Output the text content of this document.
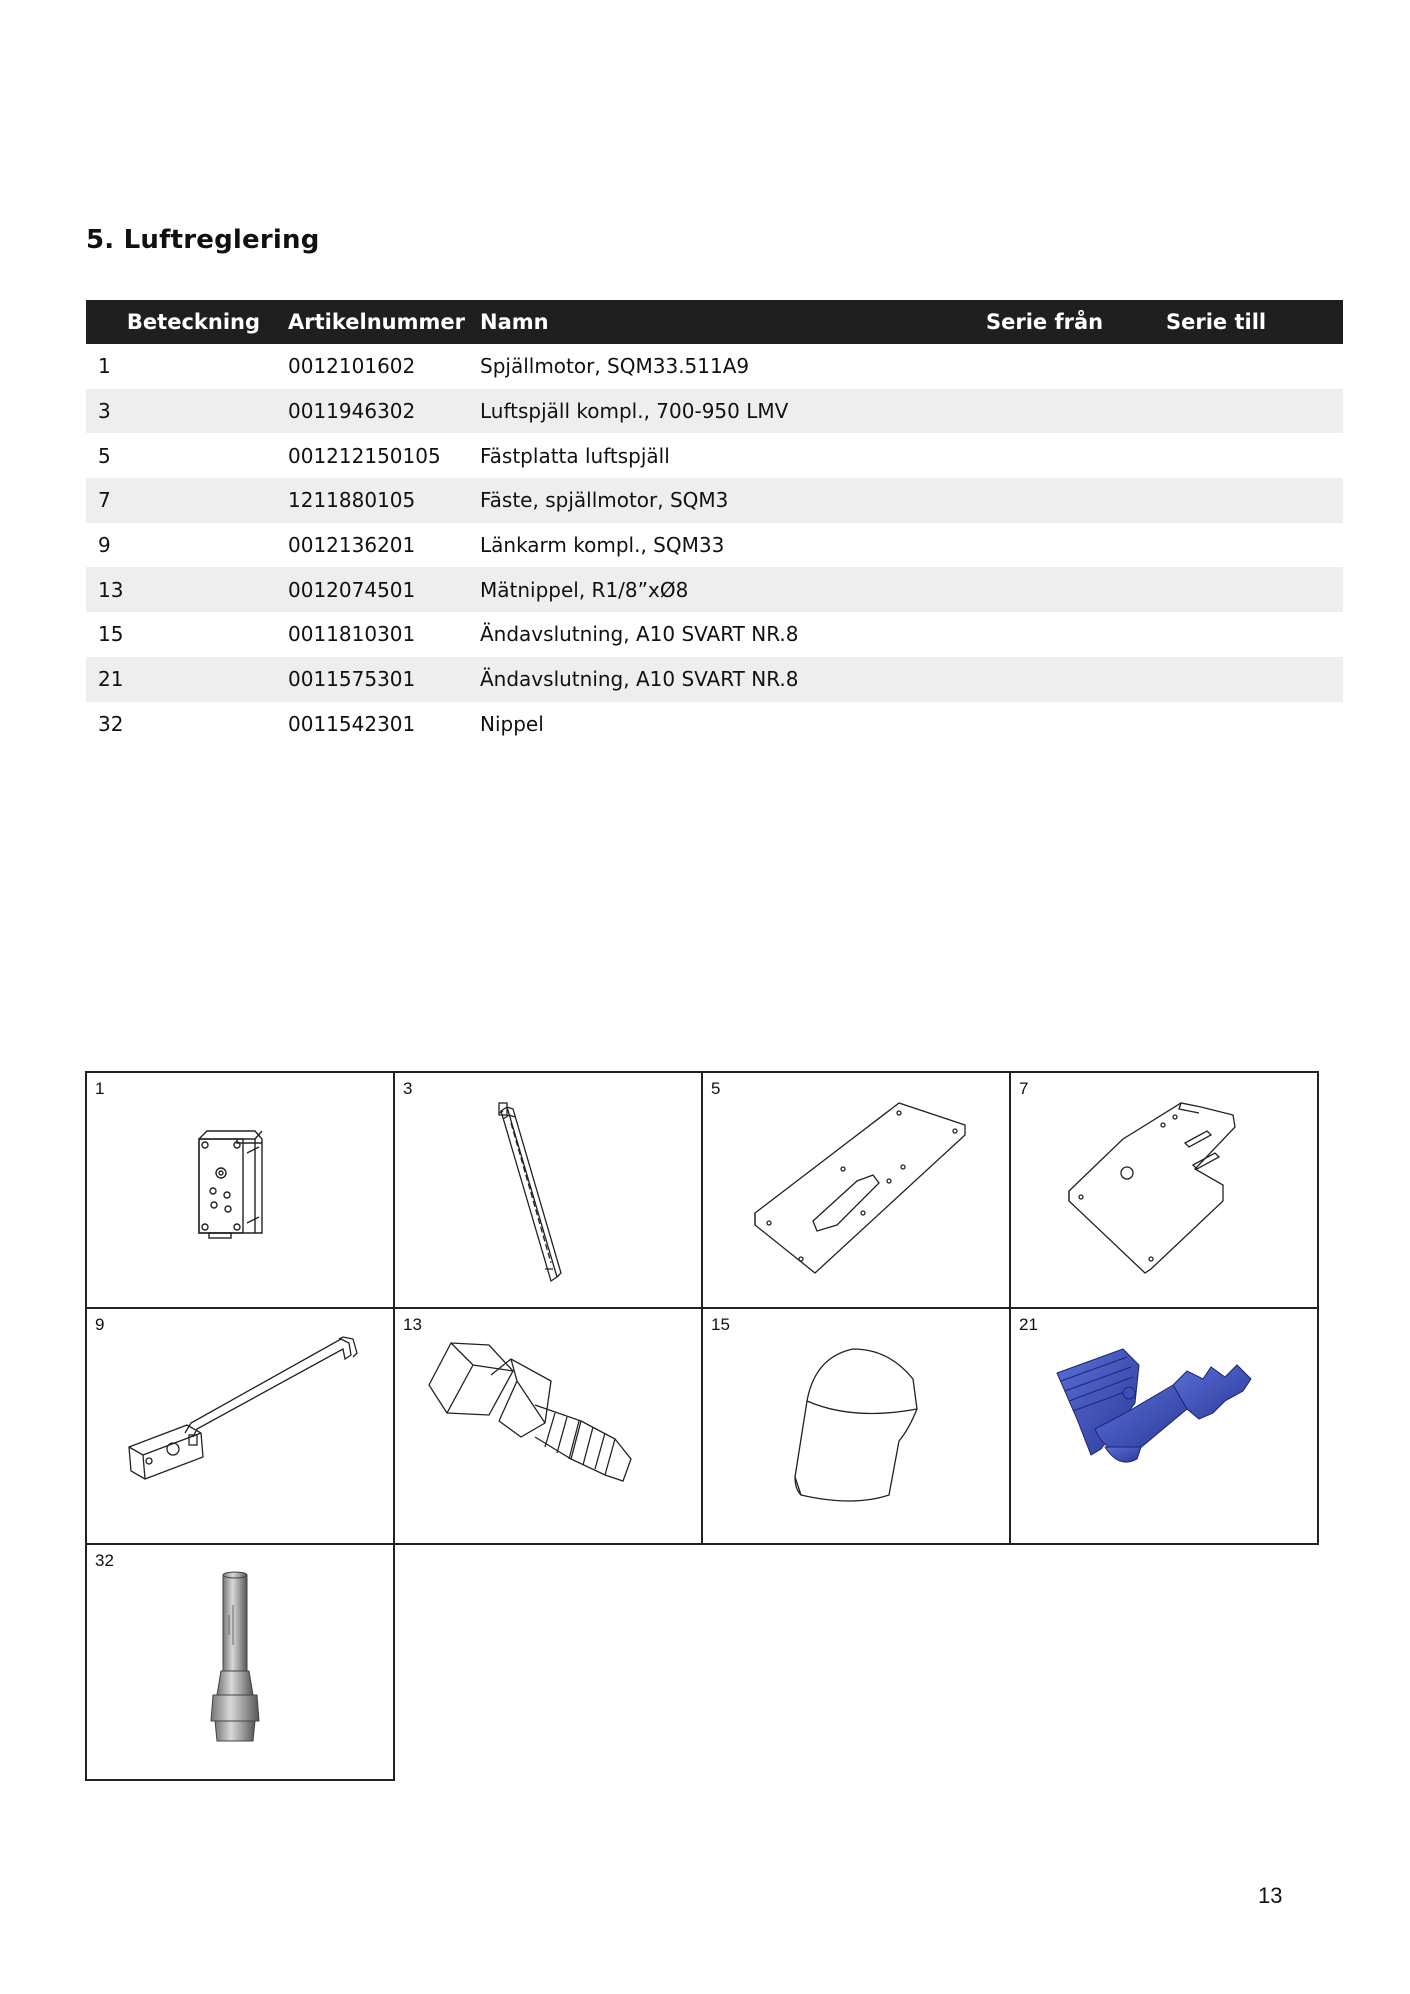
5. Luftreglering
Beteckning	Artikelnummer	Namn	Serie från	Serie till
1	0012101602	Spjällmotor, SQM33.511A9		
3	0011946302	Luftspjäll kompl., 700-950 LMV		
5	001212150105	Fästplatta luftspjäll		
7	1211880105	Fäste, spjällmotor, SQM3		
9	0012136201	Länkarm kompl., SQM33		
13	0012074501	Mätnippel, R1/8”xØ8		
15	0011810301	Ändavslutning, A10 SVART NR.8		
21	0011575301	Ändavslutning, A10 SVART NR.8		
32	0011542301	Nippel		
1	3	5	7
9	13	15	21
32
13
